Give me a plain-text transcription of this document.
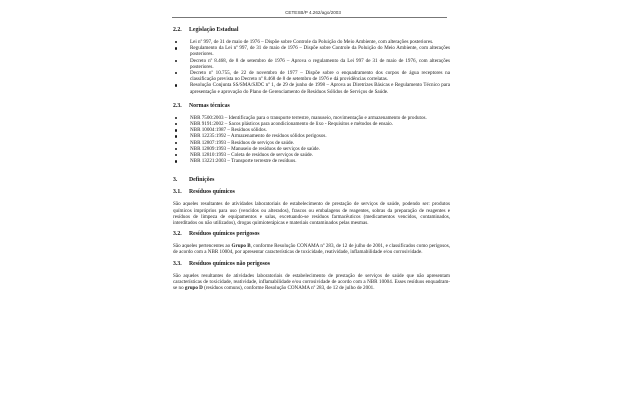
CETESB/P 4.262/ago/2003
2.2. Legislação Estadual
Lei nº 997, de 31 de maio de 1976 – Dispõe sobre Controle da Poluição do Meio Ambiente, com alterações posteriores.
Regulamento da Lei nº 997, de 31 de maio de 1976 – Dispõe sobre Controle da Poluição do Meio Ambiente, com alterações posteriores.
Decreto nº 8.468, de 8 de setembro de 1976 – Aprova o regulamento da Lei 997 de 31 de maio de 1976, com alterações posteriores.
Decreto nº 10.755, de 22 de novembro de 1977 – Dispõe sobre o enquadramento dos corpos de água receptores na classificação prevista no Decreto nº 8.468 de 8 de setembro de 1976 e dá providências correlatas.
Resolução Conjunta SS/SMA/SJDC nº 1, de 29 de junho de 1998 – Aprova as Diretrizes Básicas e Regulamento Técnico para apresentação e aprovação do Plano de Gerenciamento de Resíduos Sólidos de Serviços de Saúde.
2.3. Normas técnicas
NBR 7500:2003 – Identificação para o transporte terrestre, manuseio, movimentação e armazenamento de produtos.
NBR 9191:2002 – Sacos plásticos para acondicionamento de lixo - Requisitos e métodos de ensaio.
NBR 10004:1987 – Resíduos sólidos.
NBR 12235:1992 – Armazenamento de resíduos sólidos perigosos.
NBR 12807:1993 – Resíduos de serviços de saúde.
NBR 12809:1993 – Manuseio de resíduos de serviços de saúde.
NBR 12810:1993 – Coleta de resíduos de serviços de saúde.
NBR 13221:2003 – Transporte terrestre de resíduos.
3. Definições
3.1. Resíduos químicos

São aqueles resultantes de atividades laboratoriais de estabelecimento de prestação de serviços de saúde, podendo ser: produtos químicos impróprios para uso (vencidos ou alterados), frascos ou embalagens de reagentes, sobras da preparação de reagentes e resíduos de limpeza de equipamentos e salas, excetuando-se resíduos farmacêuticos (medicamentos vencidos, contaminados, interditados ou não utilizados), drogas quimioterápicas e materiais contaminados pelas mesmas.

3.2. Resíduos químicos perigosos

São aqueles pertencentes ao Grupo B, conforme Resolução CONAMA nº 283, de 12 de julho de 2001, e classificados como perigosos, de acordo com a NBR 10004, por apresentar características de toxicidade, reatividade, inflamabilidade e/ou corrosividade.

3.3. Resíduos químicos não perigosos

São aqueles resultantes de atividades laboratoriais de estabelecimento de prestação de serviços de saúde que não apresentam características de toxicidade, reatividade, inflamabilidade e/ou corrosividade de acordo com a NBR 10004. Esses resíduos enquadram-se no grupo D (resíduos comuns), conforme Resolução CONAMA nº 283, de 12 de julho de 2001.
